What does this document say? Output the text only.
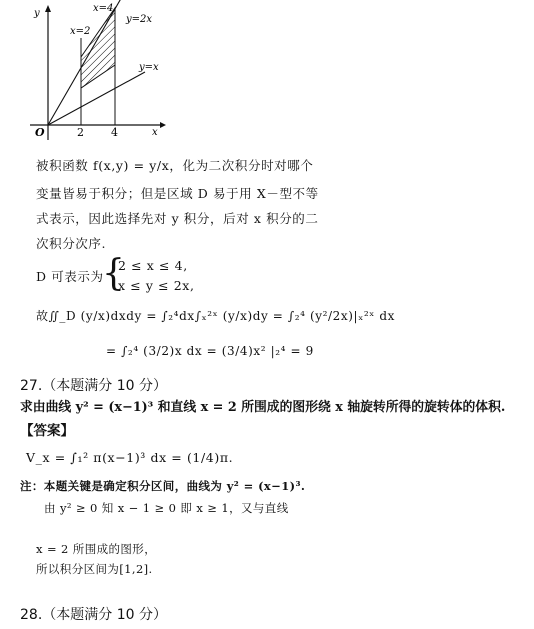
y
x
O	2 4
x=2
x=4
y=2x
y=x
被积函数 f(x,y) = y/x，化为二次积分时对哪个
变量皆易于积分；但是区域 D 易于用 X－型不等
式表示，因此选择先对 y 积分，后对 x 积分的二
次积分次序.
D 可表示为
{
2 ≤ x ≤ 4,
x ≤ y ≤ 2x,
故∬_D (y/x)dxdy = ∫₂⁴dx∫ₓ²ˣ (y/x)dy = ∫₂⁴ (y²/2x)|ₓ²ˣ dx
= ∫₂⁴ (3/2)x dx = (3/4)x² |₂⁴ = 9
27.（本题满分 10 分）
求由曲线 y² = (x−1)³ 和直线 x = 2 所围成的图形绕 x 轴旋转所得的旋转体的体积.
【答案】
V_x = ∫₁² π(x−1)³ dx = (1/4)π.
注：本题关键是确定积分区间，曲线为 y² = (x−1)³.
由 y² ≥ 0 知 x − 1 ≥ 0 即 x ≥ 1，又与直线
x = 2 所围成的图形，
所以积分区间为[1,2].
28.（本题满分 10 分）
